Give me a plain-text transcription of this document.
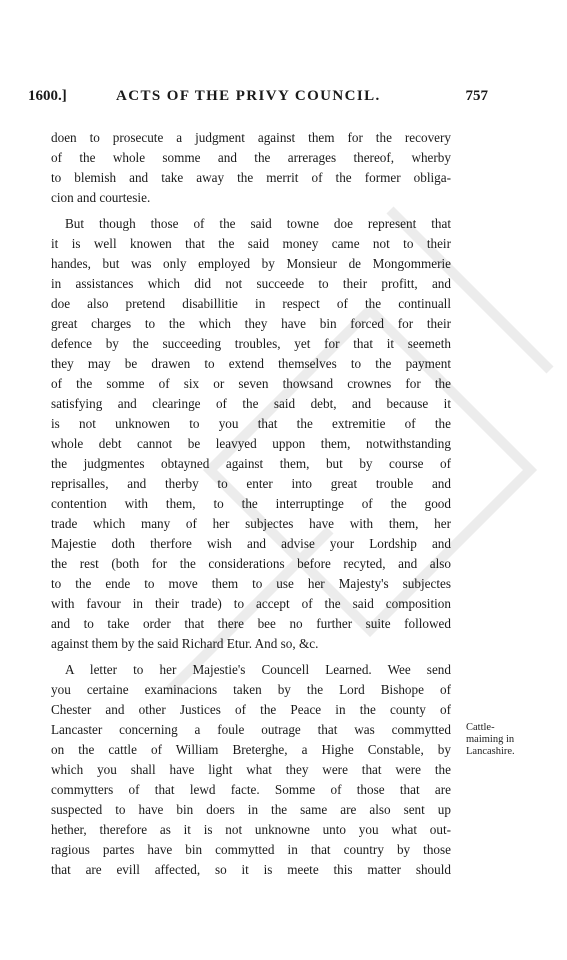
1600.]	ACTS OF THE PRIVY COUNCIL.	757
doen to prosecute a judgment against them for the recovery
of the whole somme and the arrerages thereof, wherby
to blemish and take away the merrit of the former obliga-
cion and courtesie.
But though those of the said towne doe represent that
it is well knowen that the said money came not to their
handes, but was only employed by Monsieur de Mongommerie
in assistances which did not succeede to their profitt, and
doe also pretend disabillitie in respect of the continuall
great charges to the which they have bin forced for their
defence by the succeeding troubles, yet for that it seemeth
they may be drawen to extend themselves to the payment
of the somme of six or seven thowsand crownes for the
satisfying and clearinge of the said debt, and because it
is not unknowen to you that the extremitie of the
whole debt cannot be leavyed uppon them, notwithstanding
the judgmentes obtayned against them, but by course of
reprisalles, and therby to enter into great trouble and
contention with them, to the interruptinge of the good
trade which many of her subjectes have with them, her
Majestie doth therfore wish and advise your Lordship and
the rest (both for the considerations before recyted, and also
to the ende to move them to use her Majesty's subjectes
with favour in their trade) to accept of the said composition
and to take order that there bee no further suite followed
against them by the said Richard Etur. And so, &c.
A letter to her Majestie's Councell Learned. Wee send
you certaine examinacions taken by the Lord Bishope of
Chester and other Justices of the Peace in the county of
Lancaster concerning a foule outrage that was commytted
on the cattle of William Breterghe, a Highe Constable, by
which you shall have light what they were that were the
commytters of that lewd facte. Somme of those that are
suspected to have bin doers in the same are also sent up
hether, therefore as it is not unknowne unto you what out-
ragious partes have bin commytted in that country by those
that are evill affected, so it is meete this matter should
Cattle-
maiming in
Lancashire.
